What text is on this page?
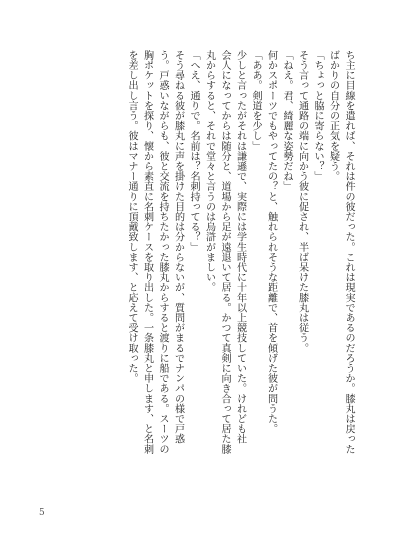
ち主に目線を遣れば、それは件の彼だった。これは現実であるのだろうか。膝丸は戻った
ばかりの自分の正気を疑う。
「ちょっと脇に寄らない？」
そう言って通路の端に向かう彼に促され、半ば呆けた膝丸は従う。
「ねえ。君、綺麗な姿勢だね」
何かスポーツでもやってたの？と、触れられそうな距離で、首を傾げた彼が問うた。
「ああ。剣道を少し」
少しと言ったがそれは謙遜で、実際には学生時代に十年以上競技していた。けれども社
会人になってからは随分と、道場から足が遠退いて居る。かつて真剣に向き合って居た膝
丸からすると、それで堂々と言うのは烏滸がましい。
「へえ、通りで。名前は？名刺持ってる？」
そう尋ねる彼が膝丸に声を掛けた目的は分からないが、質問がまるでナンパの様で戸惑
う。戸惑いながらも、彼と交流を持ちたかった膝丸からすると渡りに船である。スーツの
胸ポケットを探り、懐から素直に名刺ケースを取り出した。一条膝丸と申します、と名刺
を差し出し言う。彼はマナー通りに頂戴致します、と応えて受け取った。
5
